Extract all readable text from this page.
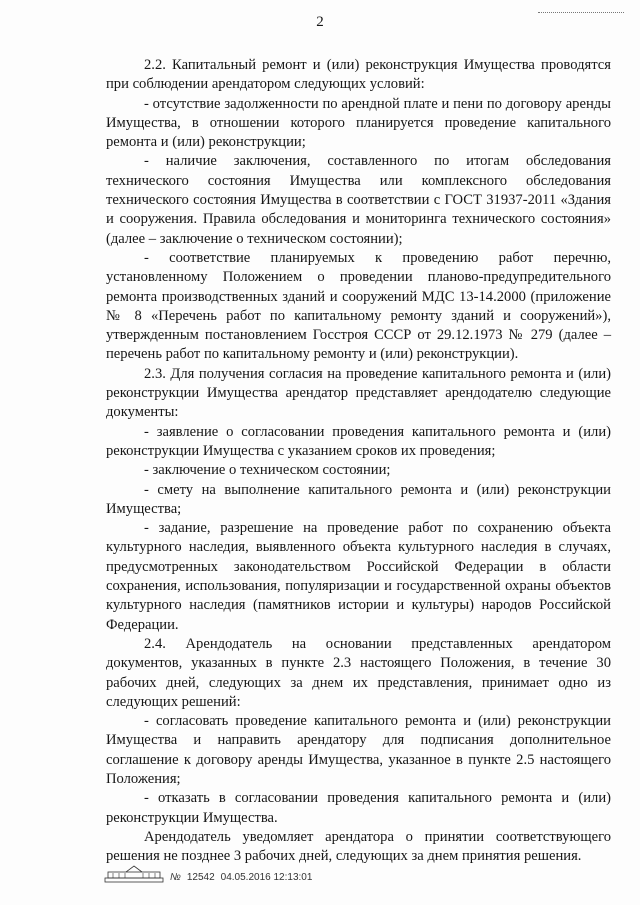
2

2.2. Капитальный ремонт и (или) реконструкция Имущества проводятся при соблюдении арендатором следующих условий:

- отсутствие задолженности по арендной плате и пени по договору аренды Имущества, в отношении которого планируется проведение капитального ремонта и (или) реконструкции;

- наличие заключения, составленного по итогам обследования технического состояния Имущества или комплексного обследования технического состояния Имущества в соответствии с ГОСТ 31937-2011 «Здания и сооружения. Правила обследования и мониторинга технического состояния» (далее – заключение о техническом состоянии);

- соответствие планируемых к проведению работ перечню, установленному Положением о проведении планово-предупредительного ремонта производственных зданий и сооружений МДС 13-14.2000 (приложение № 8 «Перечень работ по капитальному ремонту зданий и сооружений»), утвержденным постановлением Госстроя СССР от 29.12.1973 № 279 (далее – перечень работ по капитальному ремонту и (или) реконструкции).

2.3. Для получения согласия на проведение капитального ремонта и (или) реконструкции Имущества арендатор представляет арендодателю следующие документы:

- заявление о согласовании проведения капитального ремонта и (или) реконструкции Имущества с указанием сроков их проведения;

- заключение о техническом состоянии;

- смету на выполнение капитального ремонта и (или) реконструкции Имущества;

- задание, разрешение на проведение работ по сохранению объекта культурного наследия, выявленного объекта культурного наследия в случаях, предусмотренных законодательством Российской Федерации в области сохранения, использования, популяризации и государственной охраны объектов культурного наследия (памятников истории и культуры) народов Российской Федерации.

2.4. Арендодатель на основании представленных арендатором документов, указанных в пункте 2.3 настоящего Положения, в течение 30 рабочих дней, следующих за днем их представления, принимает одно из следующих решений:

- согласовать проведение капитального ремонта и (или) реконструкции Имущества и направить арендатору для подписания дополнительное соглашение к договору аренды Имущества, указанное в пункте 2.5 настоящего Положения;

- отказать в согласовании проведения капитального ремонта и (или) реконструкции Имущества.

Арендодатель уведомляет арендатора о принятии соответствующего решения не позднее 3 рабочих дней, следующих за днем принятия решения.

№ 12542 04.05.2016 12:13:01
